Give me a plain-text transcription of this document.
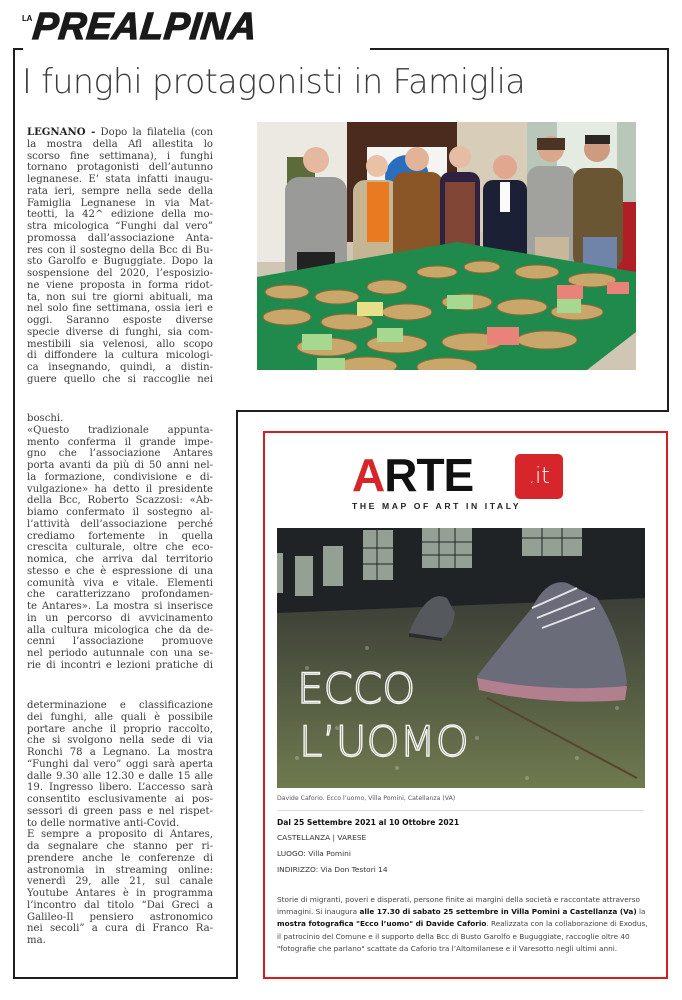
LA
PREALPINA
I funghi protagonisti in Famiglia
LEGNANO - Dopo la filatelia (con
la mostra della Afl allestita lo
scorso fine settimana), i funghi
tornano protagonisti dell’autunno
legnanese. E’ stata infatti inaugu-
rata ieri, sempre nella sede della
Famiglia Legnanese in via Mat-
teotti, la 42^ edizione della mo-
stra micologica “Funghi dal vero”
promossa dall’associazione Antа-
res con il sostegno della Bcc di Bu-
sto Garolfo e Buguggiate. Dopo la
sospensione del 2020, l’esposizio-
ne viene proposta in forma ridot-
ta, non sui tre giorni abituali, ma
nel solo fine settimana, ossia ieri e
oggi. Saranno esposte diverse
specie diverse di funghi, sia com-
mestibili sia velenosi, allo scopo
di diffondere la cultura micologi-
ca insegnando, quindi, a distin-
guere quello che si raccoglie nei
boschi.
«Questo tradizionale appunta-
mento conferma il grande impe-
gno che l’associazione Antares
porta avanti da più di 50 anni nel-
la formazione, condivisione e di-
vulgazione» ha detto il presidente
della Bcc, Roberto Scazzosi: «Ab-
biamo confermato il sostegno al-
l’attività dell’associazione perché
crediamo fortemente in quella
crescita culturale, oltre che eco-
nomica, che arriva dal territorio
stesso e che è espressione di una
comunità viva e vitale. Elementi
che caratterizzano profondamen-
te Antares». La mostra si inserisce
in un percorso di avvicinamento
alla cultura micologica che da de-
cenni l’associazione promuove
nel periodo autunnale con una se-
rie di incontri e lezioni pratiche di
determinazione e classificazione
dei funghi, alle quali è possibile
portare anche il proprio raccolto,
che si svolgono nella sede di via
Ronchi 78 a Legnano. La mostra
“Funghi dal vero” oggi sarà aperta
dalle 9.30 alle 12.30 e dalle 15 alle
19. Ingresso libero. L’accesso sarà
consentito esclusivamente ai pos-
sessori di green pass e nel rispet-
to delle normative anti-Covid.
E sempre a proposito di Antares,
da segnalare che stanno per ri-
prendere anche le conferenze di
astronomia in streaming online:
venerdì 29, alle 21, sul canale
Youtube Antares è in programma
l’incontro dal titolo “Dai Greci a
Galileo-Il pensiero astronomico
nei secoli” a cura di Franco Ra-
ma.
ARTE	.it
THE MAP OF ART IN ITALY
ECCO
L’UOMO
Davide Caforio. Ecco l’uomo, Villa Pomini, Catellanza (VA)
Dal 25 Settembre 2021 al 10 Ottobre 2021
CASTELLANZA | VARESE
LUOGO: Villa Pomini
INDIRIZZO: Via Don Testori 14
Storie di migranti, poveri e disperati, persone finite ai margini della società e raccontate attraverso immagini. Si inaugura alle 17.30 di sabato 25 settembre in Villa Pomini a Castellanza (Va) la mostra fotografica "Ecco l’uomo" di Davide Caforio. Realizzata con la collaborazione di Exodus, il patrocinio del Comune e il supporto della Bcc di Busto Garolfo e Buguggiate, raccoglie oltre 40 "fotografie che parlano" scattate da Caforio tra l’Altomilanese e il Varesotto negli ultimi anni.
